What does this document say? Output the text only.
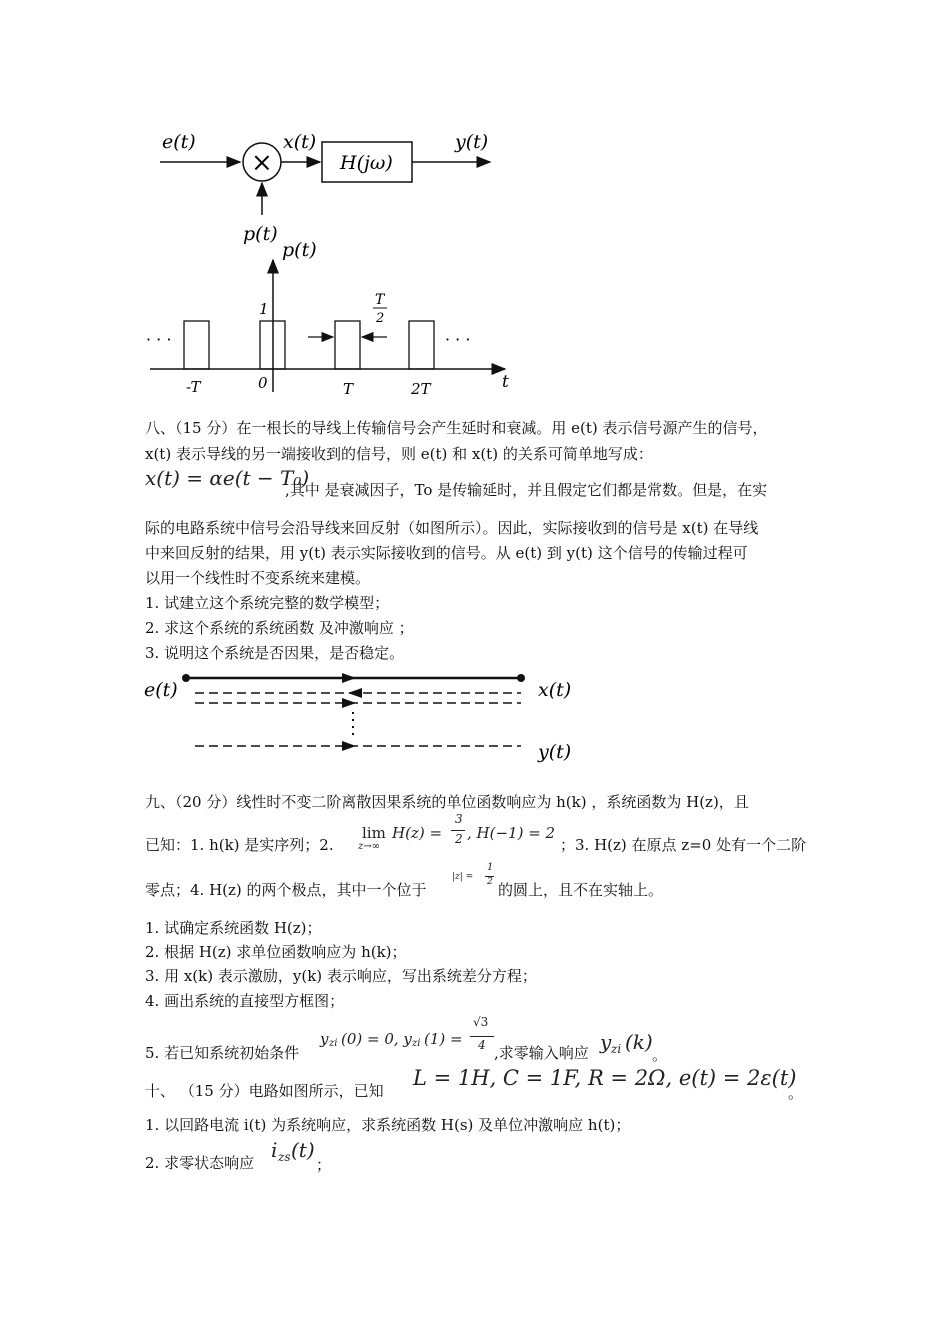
e(t)
×
x(t)
H(jω)
y(t)
p(t)
p(t)
t
1	T
2
· · ·	· · ·
-T	0	T	2T
八、（15 分）在一根长的导线上传输信号会产生延时和衰减。用 e(t) 表示信号源产生的信号，
x(t) 表示导线的另一端接收到的信号，则 e(t) 和 x(t) 的关系可简单地写成：
x(t) = αe(t − T₀)
,其中 是衰减因子，To 是传输延时，并且假定它们都是常数。但是，在实
际的电路系统中信号会沿导线来回反射（如图所示）。因此，实际接收到的信号是 x(t) 在导线
中来回反射的结果，用 y(t) 表示实际接收到的信号。从 e(t) 到 y(t) 这个信号的传输过程可
以用一个线性时不变系统来建模。
1. 试建立这个系统完整的数学模型；
2. 求这个系统的系统函数 及冲激响应 ；
3. 说明这个系统是否因果，是否稳定。
e(t)	x(t)
y(t)
九、（20 分）线性时不变二阶离散因果系统的单位函数响应为 h(k) ，系统函数为 H(z)，且
已知：1. h(k) 是实序列；2.
lim
z→∞
H(z) =
3
2 , H(−1) = 2
；3. H(z) 在原点 z=0 处有一个二阶
零点；4. H(z) 的两个极点，其中一个位于
|z| =
1
2 的圆上，且不在实轴上。
1. 试确定系统函数 H(z)；
2. 根据 H(z) 求单位函数响应为 h(k)；
3. 用 x(k) 表示激励，y(k) 表示响应，写出系统差分方程；
4. 画出系统的直接型方框图；
5. 若已知系统初始条件
y zi (0) = 0, y zi (1) =
√3
4 ,求零输入响应 y zi (k)
。
十、 （15 分）电路如图所示，已知
L = 1H, C = 1F, R = 2Ω, e(t) = 2ε(t)
。
1. 以回路电流 i(t) 为系统响应，求系统函数 H(s) 及单位冲激响应 h(t)；
2. 求零状态响应
i zs (t)
；
